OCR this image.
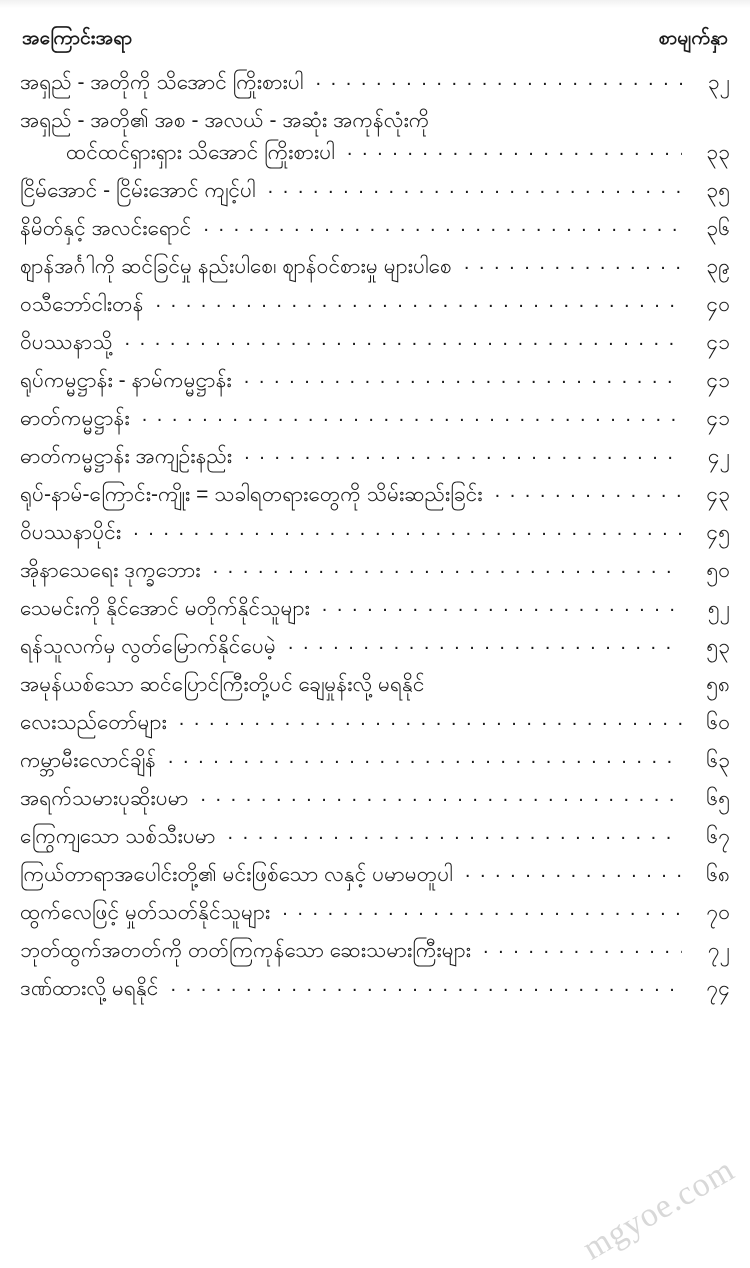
အကြောင်းအရာ	စာမျက်နှာ
အရှည် - အတိုကို သိအောင် ကြိုးစားပါ . . .	၃၂
အရှည် - အတို၏ အစ - အလယ် - အဆုံး အကုန်လုံးကို
ထင်ထင်ရှားရှား သိအောင် ကြိုးစားပါ . . .	၃၃
ငြိမ်အောင် - ငြိမ်းအောင် ကျင့်ပါ . . .	၃၅
နိမိတ်နှင့် အလင်းရောင် . . .	၃၆
ဈာန်အင်္ဂါကို ဆင်ခြင်မှု နည်းပါစေ၊ ဈာန်ဝင်စားမှု များပါစေ . . .	၃၉
ဝသီဘော်ငါးတန် . . .	၄၀
ဝိပဿနာသို့ . . .	၄၁
ရုပ်ကမ္မဋ္ဌာန်း - နာမ်ကမ္မဋ္ဌာန်း . . .	၄၁
ဓာတ်ကမ္မဋ္ဌာန်း . . .	၄၁
ဓာတ်ကမ္မဋ္ဌာန်း အကျဉ်းနည်း . . .	၄၂
ရုပ်-နာမ်-ကြောင်း-ကျိုး = သခါရတရားတွေကို သိမ်းဆည်းခြင်း . . .	၄၃
ဝိပဿနာပိုင်း . . .	၄၅
အိုနာသေရေး ဒုက္ခဘေား . . .	၅၀
သေမင်းကို နိုင်အောင် မတိုက်နိုင်သူများ . . .	၅၂
ရန်သူလက်မှ လွတ်မြောက်နိုင်ပေမဲ့ . . .	၅၃
အမုန်ယစ်သော ဆင်ပြောင်ကြီးတို့ပင် ချေမှုန်းလို့ မရနိုင်	၅၈
လေးသည်တော်များ . . .	၆၀
ကမ္ဘာမီးလောင်ချိန် . . .	၆၃
အရက်သမားပုဆိုးပမာ . . .	၆၅
ကြွေကျသော သစ်သီးပမာ . . .	၆၇
ကြယ်တာရာအပေါင်းတို့၏ မင်းဖြစ်သော လနှင့် ပမာမတူပါ . . .	၆၈
ထွက်လေဖြင့် မှုတ်သတ်နိုင်သူများ . . .	၇၀
ဘုတ်ထွက်အတတ်ကို တတ်ကြကုန်သော ဆေးသမားကြီးများ . . .	၇၂
ဒဏ်ထားလို့ မရနိုင် . . .	၇၄
mgyoe.com
